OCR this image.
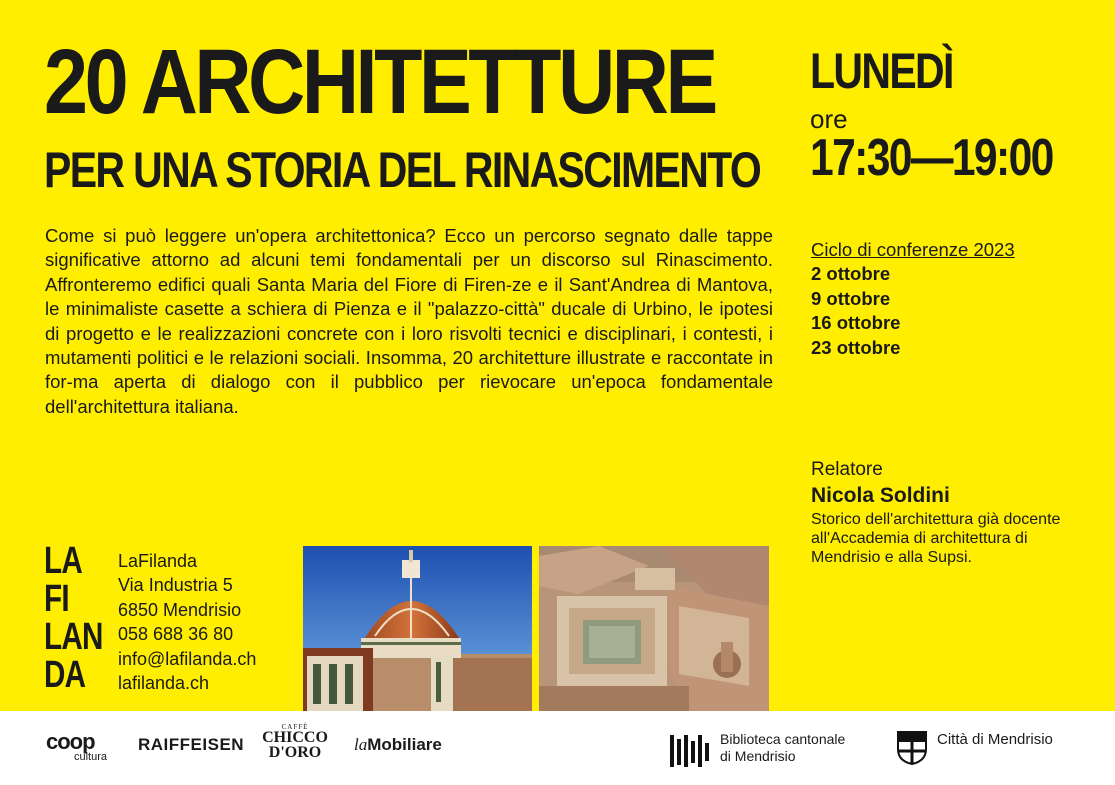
20 ARCHITETTURE
PER UNA STORIA DEL RINASCIMENTO
Come si può leggere un'opera architettonica? Ecco un percorso segnato dalle tappe significative attorno ad alcuni temi fondamentali per un discorso sul Rinascimento. Affronteremo edifici quali Santa Maria del Fiore di Firen-ze e il Sant'Andrea di Mantova, le minimaliste casette a schiera di Pienza e il "palazzo-città" ducale di Urbino, le ipotesi di progetto e le realizzazioni concrete con i loro risvolti tecnici e disciplinari, i contesti, i mutamenti politici e le relazioni sociali. Insomma, 20 architetture illustrate e raccontate in for-ma aperta di dialogo con il pubblico per rievocare un'epoca fondamentale dell'architettura italiana.
LUNEDÌ
ore
17:30—19:00
Ciclo di conferenze 2023
2 ottobre
9 ottobre
16 ottobre
23 ottobre
Relatore
Nicola Soldini
Storico dell'architettura già docente all'Accademia di architettura di Mendrisio e alla Supsi.
LA
FI
LAN
DA
LaFilanda
Via Industria 5
6850 Mendrisio
058 688 36 80
info@lafilanda.ch
lafilanda.ch
coop
cultura
RAIFFEISEN
CAFFÈ
CHICCO
D'ORO	laMobiliare	Biblioteca cantonale
di Mendrisio
Città di Mendrisio
